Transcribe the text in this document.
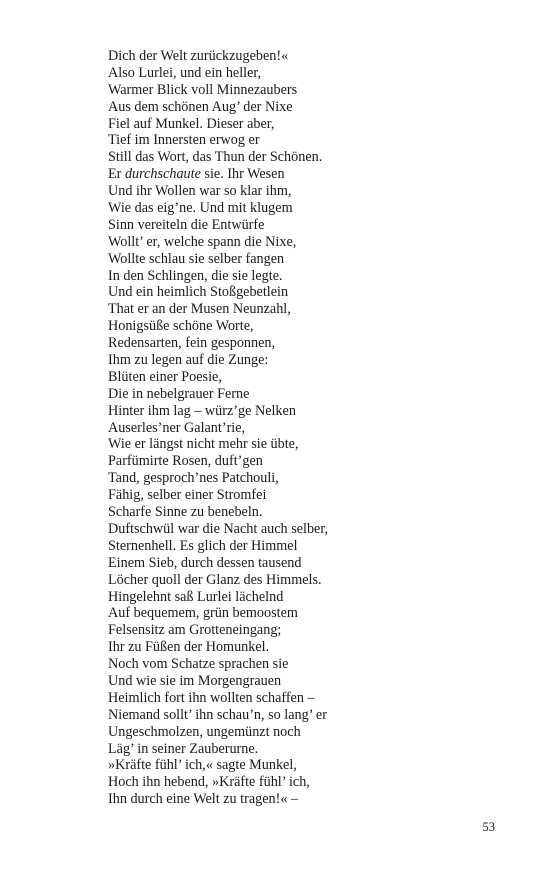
Dich der Welt zurückzugeben!«
Also Lurlei, und ein heller,
Warmer Blick voll Minnezaubers
Aus dem schönen Aug’ der Nixe
Fiel auf Munkel. Dieser aber,
Tief im Innersten erwog er
Still das Wort, das Thun der Schönen.
Er durchschaute sie. Ihr Wesen
Und ihr Wollen war so klar ihm,
Wie das eig’ne. Und mit klugem
Sinn vereiteln die Entwürfe
Wollt’ er, welche spann die Nixe,
Wollte schlau sie selber fangen
In den Schlingen, die sie legte.
Und ein heimlich Stoßgebetlein
That er an der Musen Neunzahl,
Honigsüße schöne Worte,
Redensarten, fein gesponnen,
Ihm zu legen auf die Zunge:
Blüten einer Poesie,
Die in nebelgrauer Ferne
Hinter ihm lag – würz’ge Nelken
Auserles’ner Galant’rie,
Wie er längst nicht mehr sie übte,
Parfümirte Rosen, duft’gen
Tand, gesproch’nes Patchouli,
Fähig, selber einer Stromfei
Scharfe Sinne zu benebeln.
Duftschwül war die Nacht auch selber,
Sternenhell. Es glich der Himmel
Einem Sieb, durch dessen tausend
Löcher quoll der Glanz des Himmels.
Hingelehnt saß Lurlei lächelnd
Auf bequemem, grün bemoostem
Felsensitz am Grotteneingang;
Ihr zu Füßen der Homunkel.
Noch vom Schatze sprachen sie
Und wie sie im Morgengrauen
Heimlich fort ihn wollten schaffen –
Niemand sollt’ ihn schau’n, so lang’ er
Ungeschmolzen, ungemünzt noch
Läg’ in seiner Zauberurne.
»Kräfte fühl’ ich,« sagte Munkel,
Hoch ihn hebend, »Kräfte fühl’ ich,
Ihn durch eine Welt zu tragen!« –
53
